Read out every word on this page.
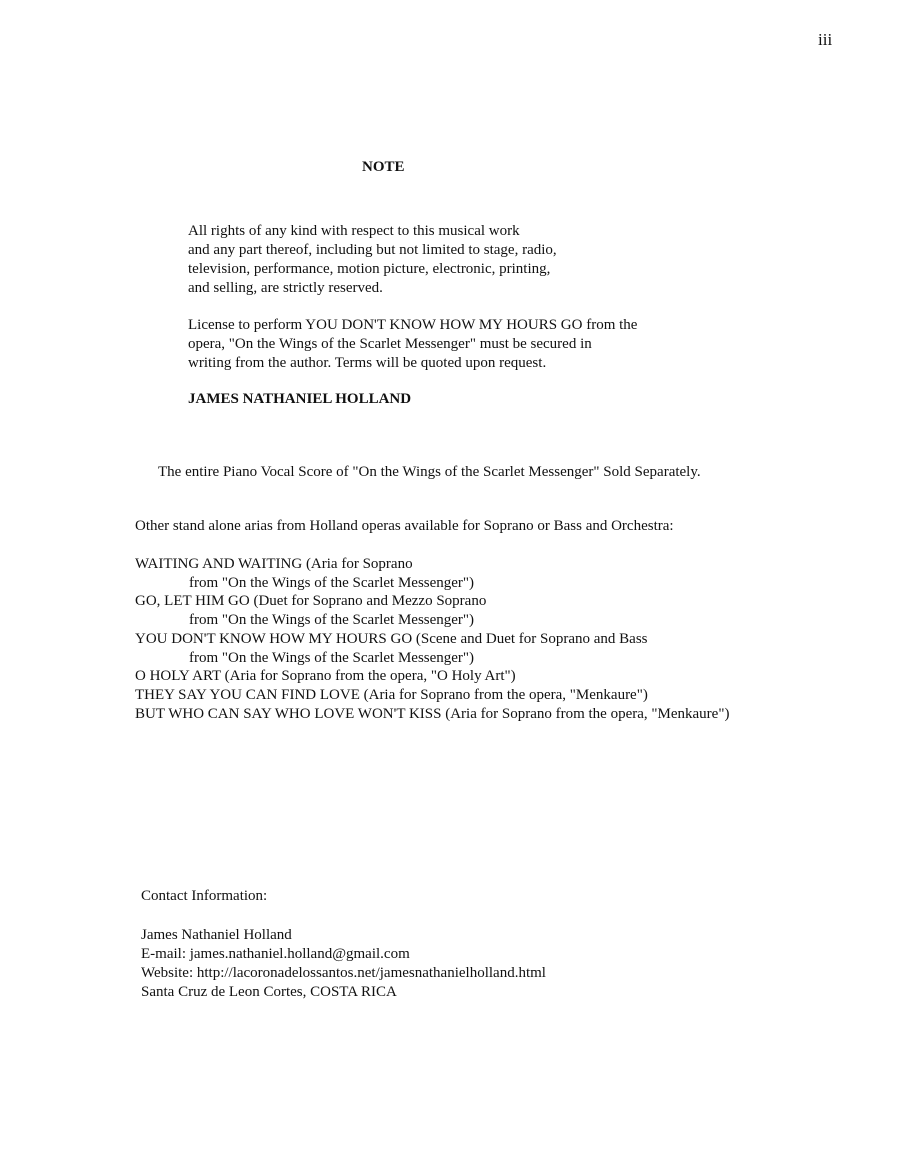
iii
NOTE
All rights of any kind with respect to this musical work
and any part thereof, including but not limited to stage, radio,
television, performance, motion picture, electronic, printing,
and selling, are strictly reserved.
License to perform YOU DON'T KNOW HOW MY HOURS GO from the
opera, "On the Wings of the Scarlet Messenger" must be secured in
writing from the author. Terms will be quoted upon request.
JAMES NATHANIEL HOLLAND
The entire Piano Vocal Score of "On the Wings of the Scarlet Messenger" Sold Separately.
Other stand alone arias from Holland operas available for Soprano or Bass and Orchestra:
WAITING AND WAITING (Aria for Soprano
from "On the Wings of the Scarlet Messenger")
GO, LET HIM GO (Duet for Soprano and Mezzo Soprano
from "On the Wings of the Scarlet Messenger")
YOU DON'T KNOW HOW MY HOURS GO (Scene and Duet for Soprano and Bass
from "On the Wings of the Scarlet Messenger")
O HOLY ART (Aria for Soprano from the opera, "O Holy Art")
THEY SAY YOU CAN FIND LOVE (Aria for Soprano from the opera, "Menkaure")
BUT WHO CAN SAY WHO LOVE WON'T KISS (Aria for Soprano from the opera, "Menkaure")
Contact Information:
James Nathaniel Holland
E-mail: james.nathaniel.holland@gmail.com
Website: http://lacoronadelossantos.net/jamesnathanielholland.html
Santa Cruz de Leon Cortes, COSTA RICA
